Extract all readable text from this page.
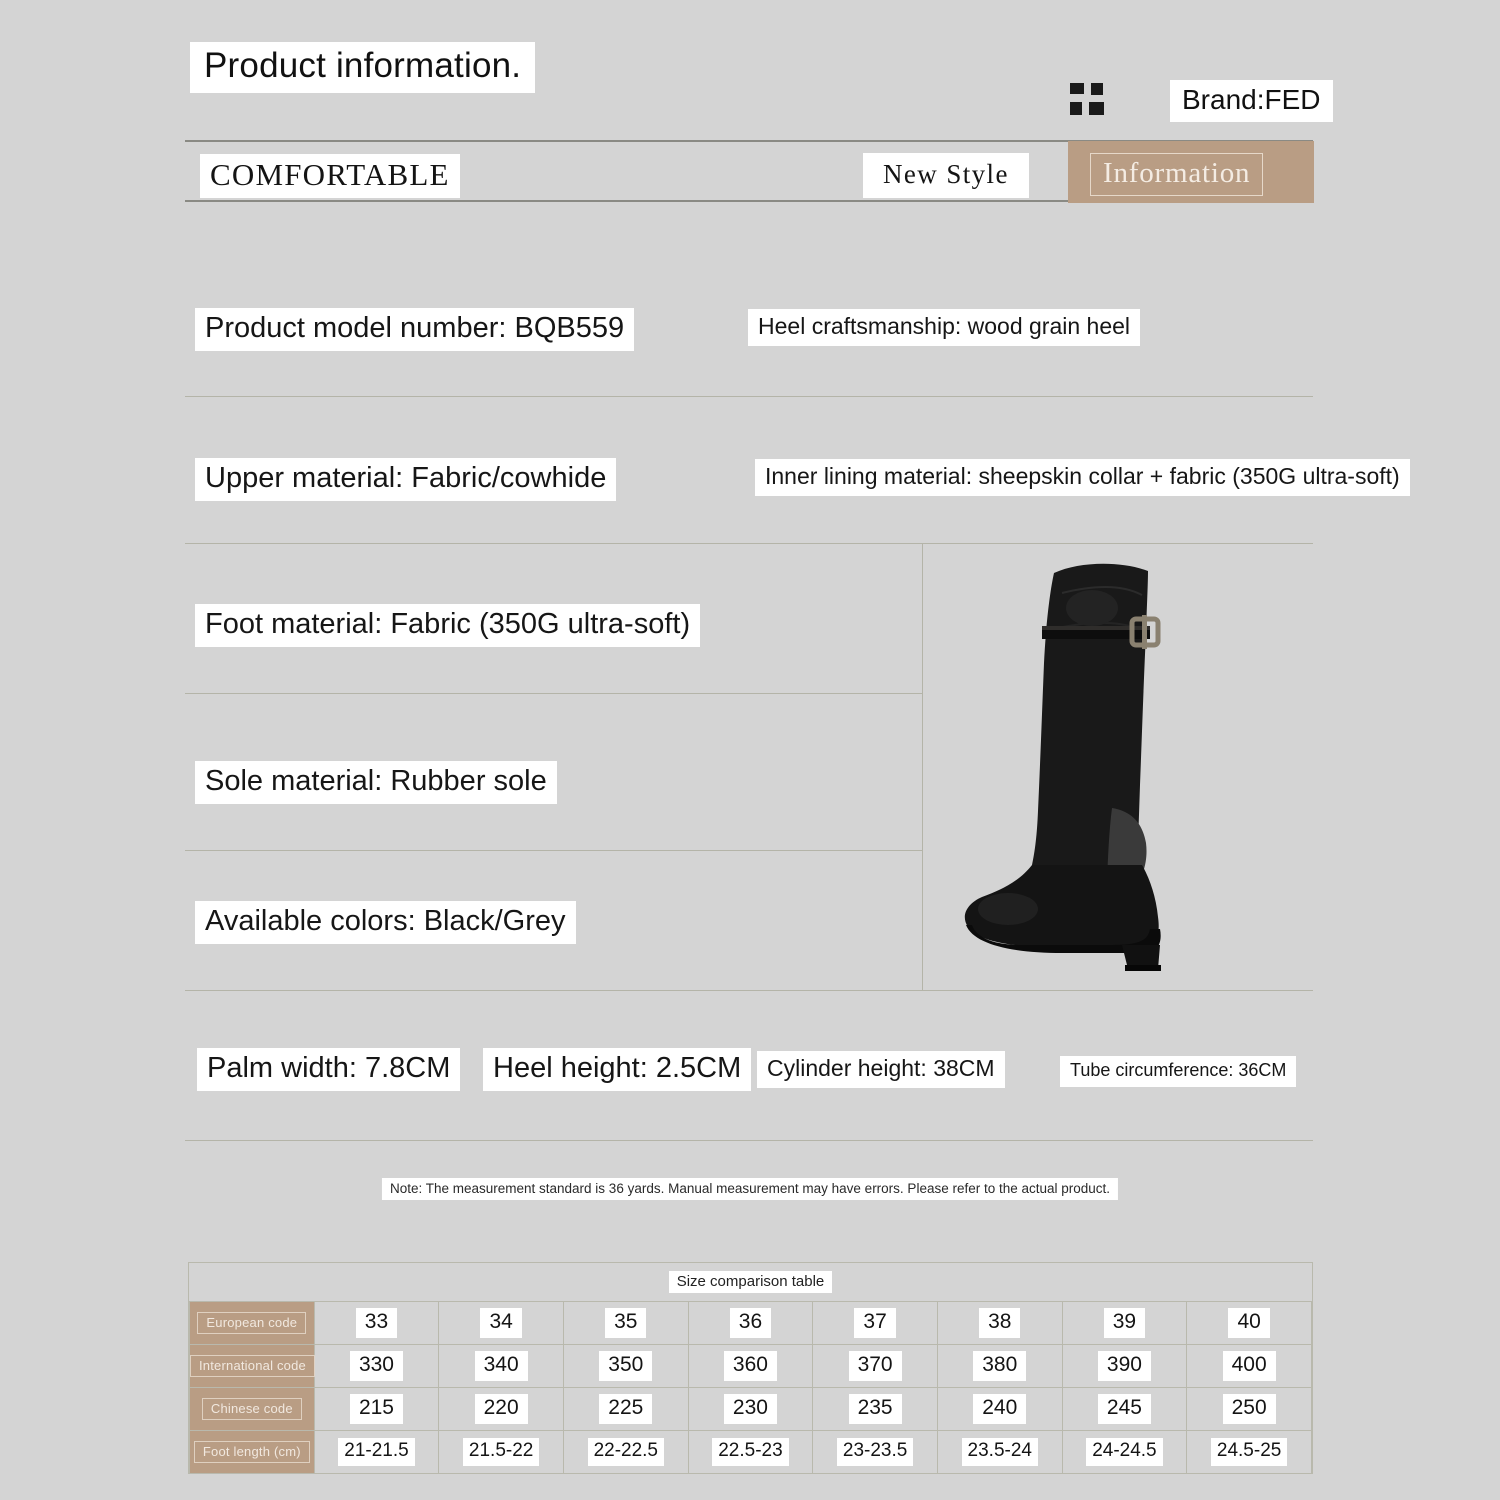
Product information.
Brand:FED
COMFORTABLE	New Style	Information
Product model number: BQB559	Heel craftsmanship: wood grain heel
Upper material: Fabric/cowhide	Inner lining material: sheepskin collar + fabric (350G ultra-soft)
Foot material: Fabric (350G ultra-soft)
Sole material: Rubber sole
Available colors: Black/Grey
Palm width: 7.8CM	Heel height: 2.5CM	Cylinder height: 38CM	Tube circumference: 36CM
Note: The measurement standard is 36 yards. Manual measurement may have errors. Please refer to the actual product.
Size comparison table								
European code	33	34	35	36	37	38	39	40
International code	330	340	350	360	370	380	390	400
Chinese code	215	220	225	230	235	240	245	250
Foot length (cm)	21-21.5	21.5-22	22-22.5	22.5-23	23-23.5	23.5-24	24-24.5	24.5-25
